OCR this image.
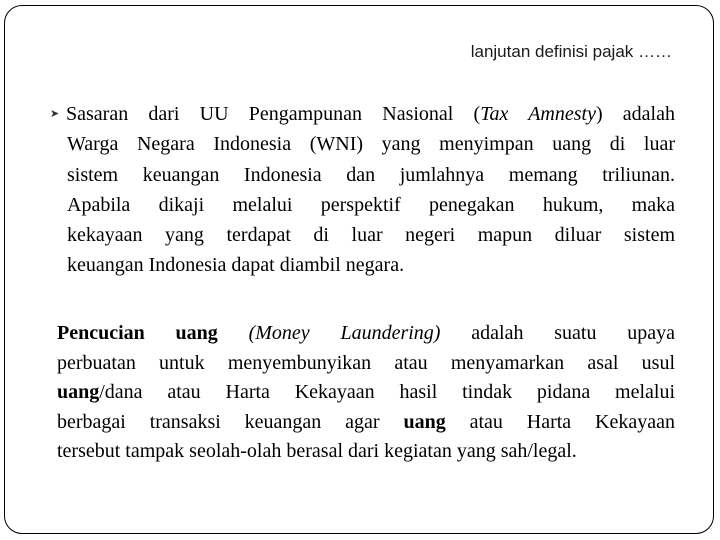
lanjutan definisi pajak ……
➤ Sasaran dari UU Pengampunan Nasional (Tax Amnesty) adalah
Warga Negara Indonesia (WNI) yang menyimpan uang di luar
sistem keuangan Indonesia dan jumlahnya memang triliunan.
Apabila dikaji melalui perspektif penegakan hukum, maka
kekayaan yang terdapat di luar negeri mapun diluar sistem
keuangan Indonesia dapat diambil negara.
Pencucian uang (Money Laundering) adalah suatu upaya
perbuatan untuk menyembunyikan atau menyamarkan asal usul
uang/dana atau Harta Kekayaan hasil tindak pidana melalui
berbagai transaksi keuangan agar uang atau Harta Kekayaan
tersebut tampak seolah-olah berasal dari kegiatan yang sah/legal.
